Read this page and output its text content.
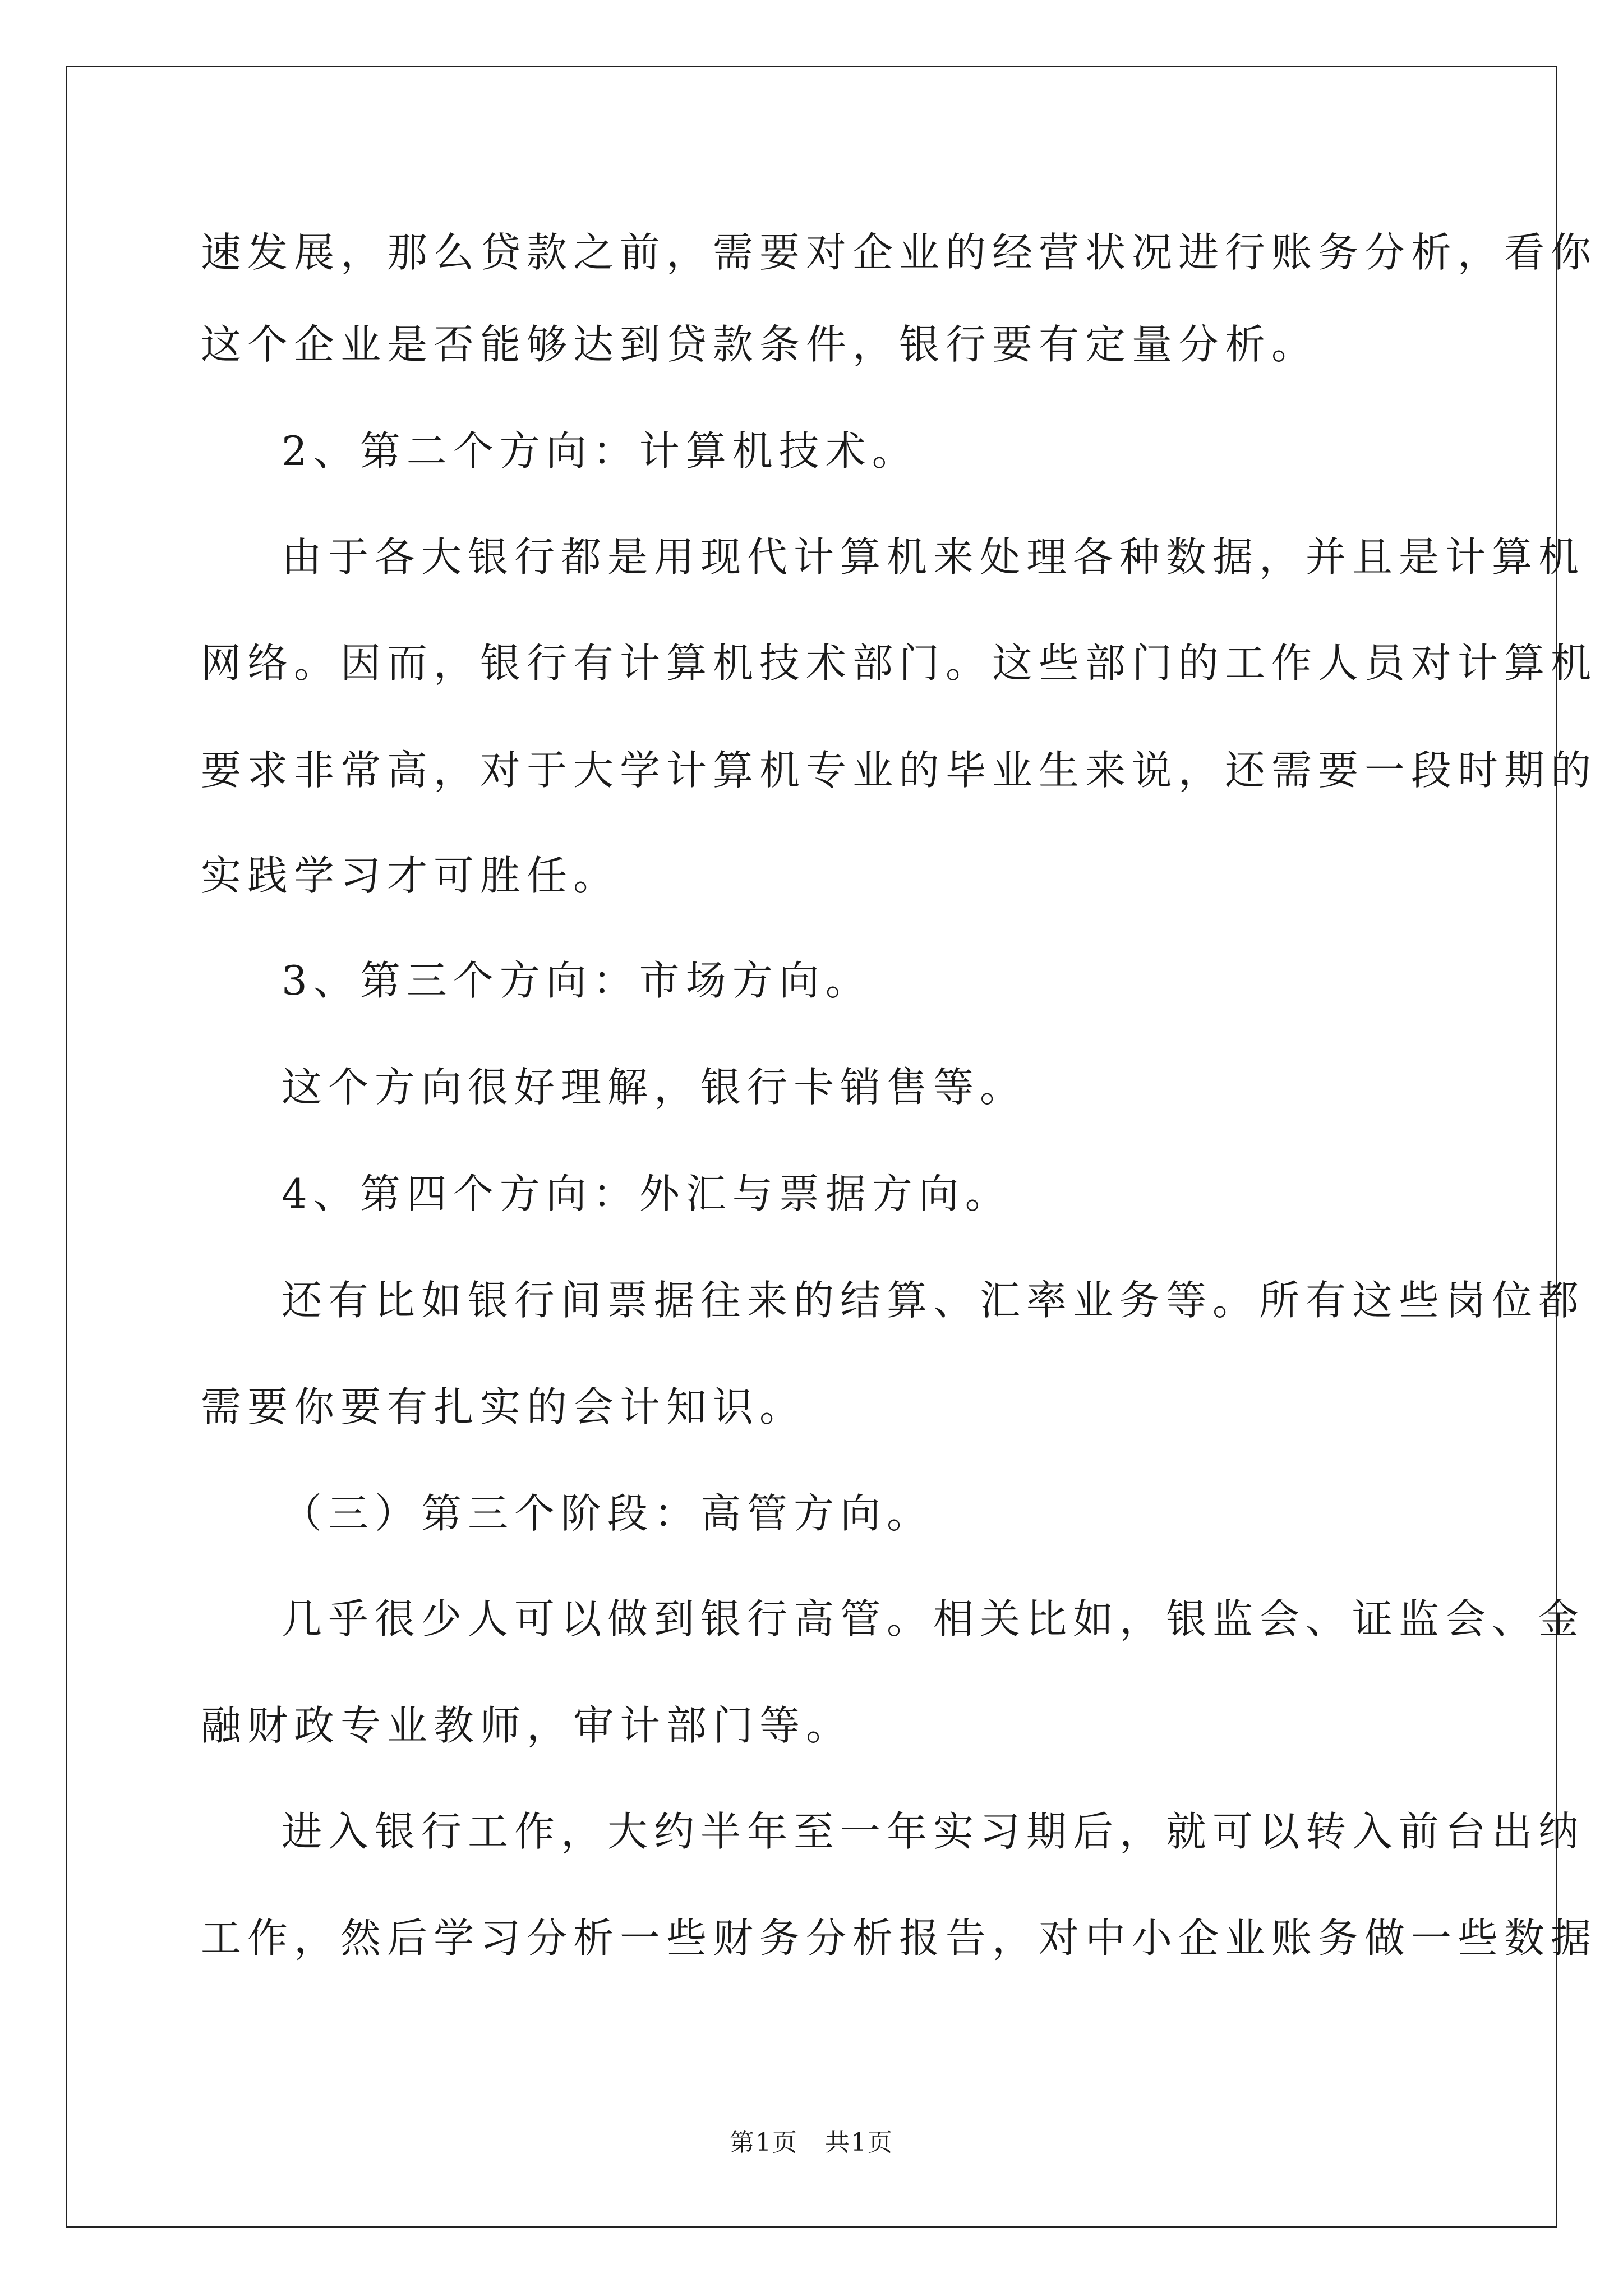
速发展，那么贷款之前，需要对企业的经营状况进行账务分析，看你
这个企业是否能够达到贷款条件，银行要有定量分析。
2、第二个方向：计算机技术。
由于各大银行都是用现代计算机来处理各种数据，并且是计算机
网络。因而，银行有计算机技术部门。这些部门的工作人员对计算机
要求非常高，对于大学计算机专业的毕业生来说，还需要一段时期的
实践学习才可胜任。
3、第三个方向：市场方向。
这个方向很好理解，银行卡销售等。
4、第四个方向：外汇与票据方向。
还有比如银行间票据往来的结算、汇率业务等。所有这些岗位都
需要你要有扎实的会计知识。
（三）第三个阶段：高管方向。
几乎很少人可以做到银行高管。相关比如，银监会、证监会、金
融财政专业教师，审计部门等。
进入银行工作，大约半年至一年实习期后，就可以转入前台出纳
工作，然后学习分析一些财务分析报告，对中小企业账务做一些数据
第1页   共1页
